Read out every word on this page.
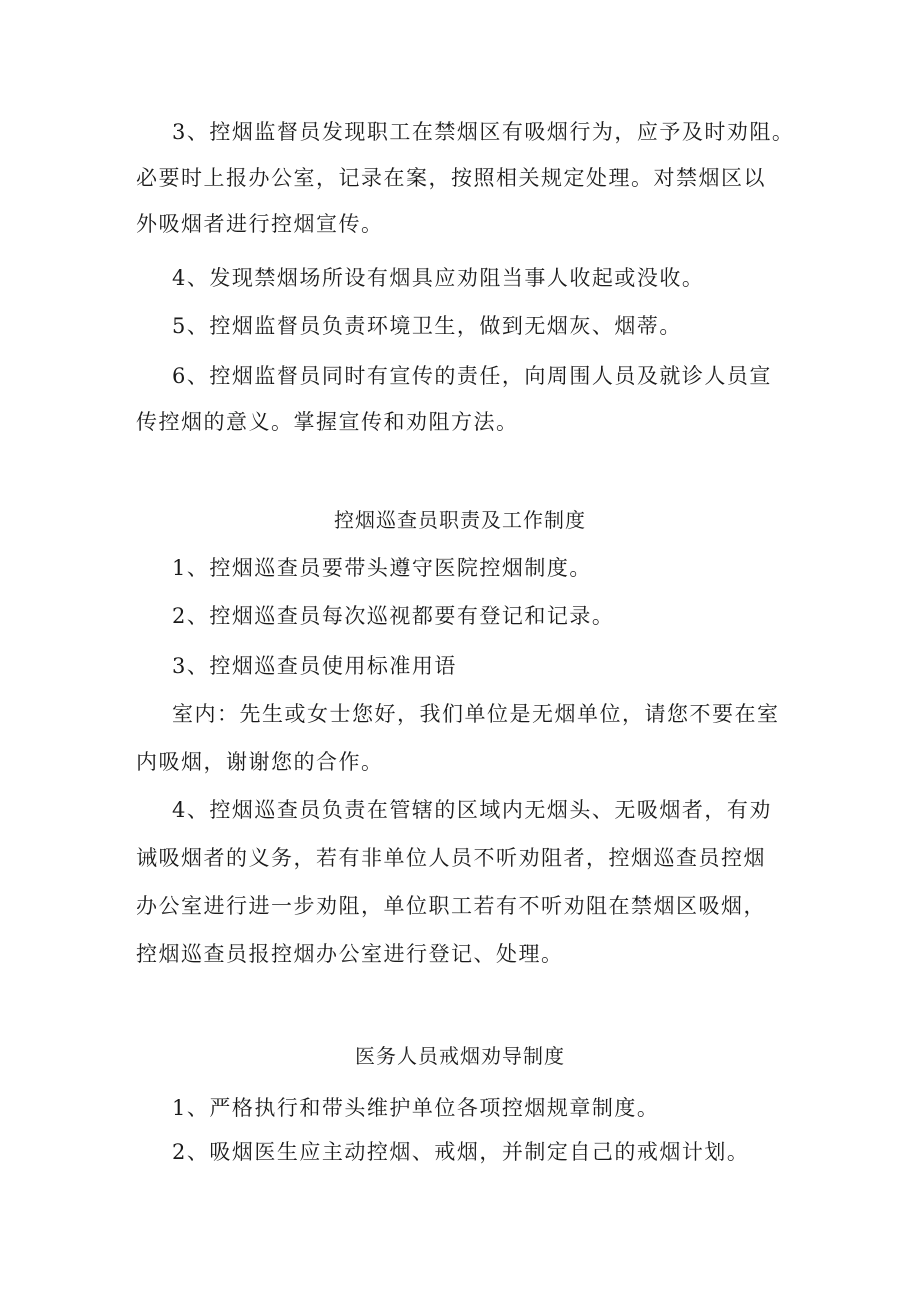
3、控烟监督员发现职工在禁烟区有吸烟行为，应予及时劝阻。
必要时上报办公室，记录在案，按照相关规定处理。对禁烟区以
外吸烟者进行控烟宣传。
4、发现禁烟场所设有烟具应劝阻当事人收起或没收。
5、控烟监督员负责环境卫生，做到无烟灰、烟蒂。
6、控烟监督员同时有宣传的责任，向周围人员及就诊人员宣
传控烟的意义。掌握宣传和劝阻方法。
控烟巡查员职责及工作制度
1、控烟巡查员要带头遵守医院控烟制度。
2、控烟巡查员每次巡视都要有登记和记录。
3、控烟巡查员使用标准用语
室内：先生或女士您好，我们单位是无烟单位，请您不要在室
内吸烟，谢谢您的合作。
4、控烟巡查员负责在管辖的区域内无烟头、无吸烟者，有劝
诫吸烟者的义务，若有非单位人员不听劝阻者，控烟巡查员控烟
办公室进行进一步劝阻，单位职工若有不听劝阻在禁烟区吸烟，
控烟巡查员报控烟办公室进行登记、处理。
医务人员戒烟劝导制度
1、严格执行和带头维护单位各项控烟规章制度。
2、吸烟医生应主动控烟、戒烟，并制定自己的戒烟计划。
